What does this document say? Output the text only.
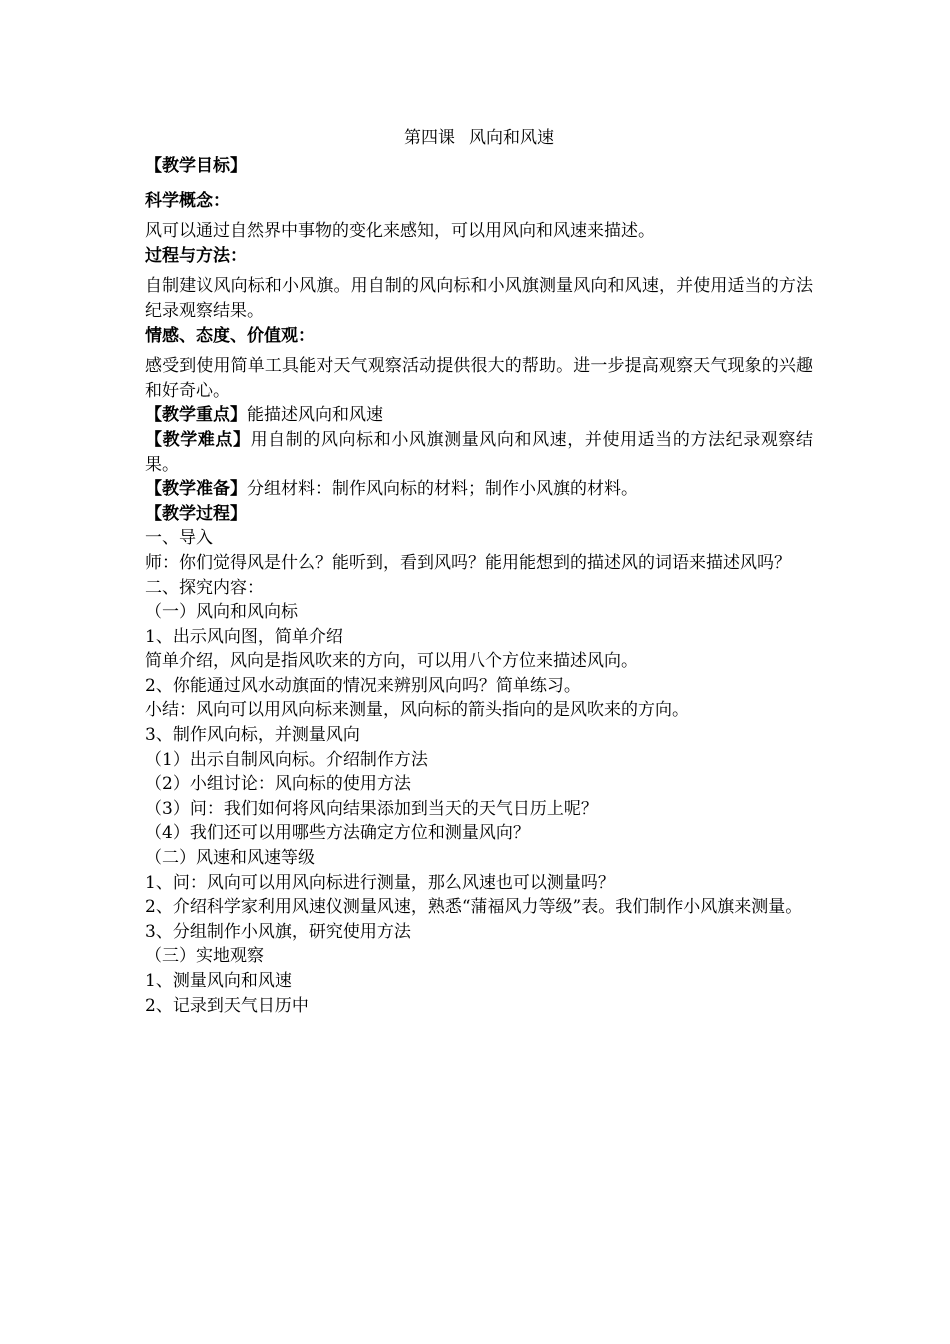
第四课 风向和风速
【教学目标】
科学概念：
风可以通过自然界中事物的变化来感知，可以用风向和风速来描述。
过程与方法：
自制建议风向标和小风旗。用自制的风向标和小风旗测量风向和风速，并使用适当的方法纪录观察结果。
情感、态度、价值观：
感受到使用简单工具能对天气观察活动提供很大的帮助。进一步提高观察天气现象的兴趣和好奇心。
【教学重点】能描述风向和风速
【教学难点】用自制的风向标和小风旗测量风向和风速，并使用适当的方法纪录观察结果。
【教学准备】分组材料：制作风向标的材料；制作小风旗的材料。
【教学过程】
一、导入
师：你们觉得风是什么？能听到，看到风吗？能用能想到的描述风的词语来描述风吗？
二、探究内容：
（一）风向和风向标
1、出示风向图，简单介绍
简单介绍，风向是指风吹来的方向，可以用八个方位来描述风向。
2、你能通过风水动旗面的情况来辨别风向吗？简单练习。
小结：风向可以用风向标来测量，风向标的箭头指向的是风吹来的方向。
3、制作风向标，并测量风向
（1）出示自制风向标。介绍制作方法
（2）小组讨论：风向标的使用方法
（3）问：我们如何将风向结果添加到当天的天气日历上呢？
（4）我们还可以用哪些方法确定方位和测量风向？
（二）风速和风速等级
1、问：风向可以用风向标进行测量，那么风速也可以测量吗？
2、介绍科学家利用风速仪测量风速，熟悉“蒲福风力等级”表。我们制作小风旗来测量。
3、分组制作小风旗，研究使用方法
（三）实地观察
1、测量风向和风速
2、记录到天气日历中
